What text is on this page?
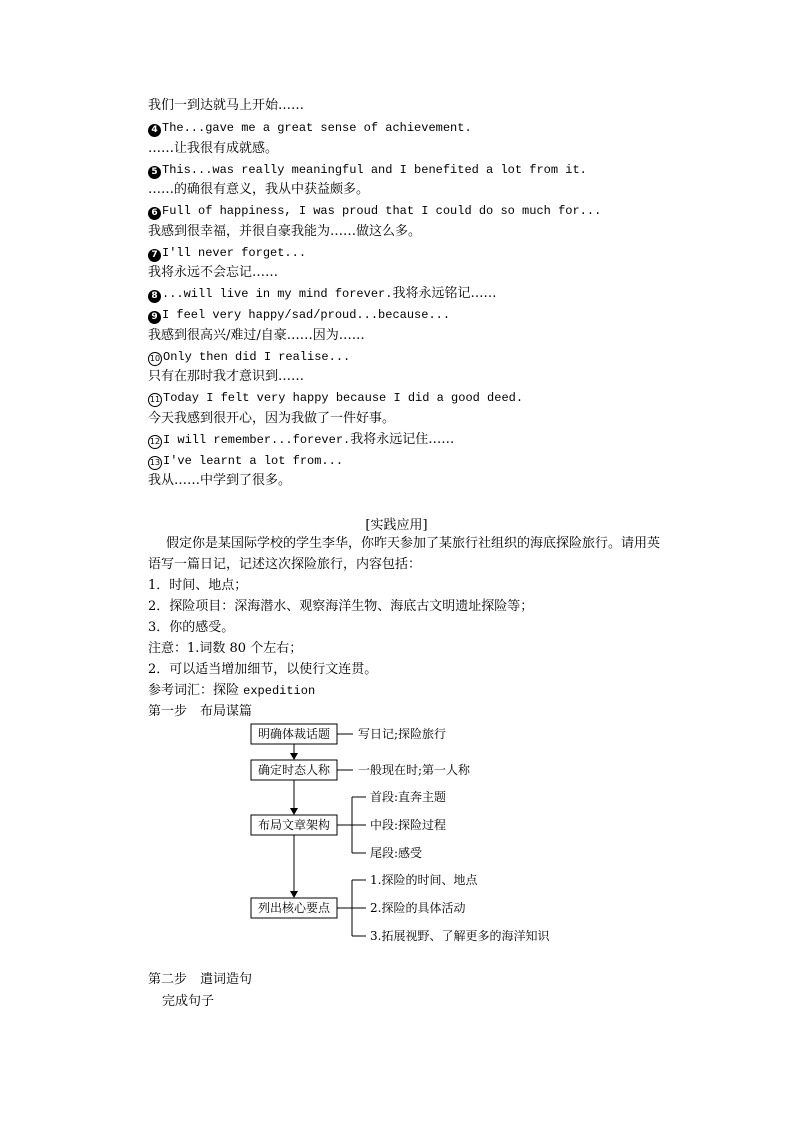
我们一到达就马上开始……
4 The...gave me a great sense of achievement.
……让我很有成就感。
5 This...was really meaningful and I benefited a lot from it.
……的确很有意义，我从中获益颇多。
6 Full of happiness, I was proud that I could do so much for...
我感到很幸福，并很自豪我能为……做这么多。
7 I'll never forget...
我将永远不会忘记……
8 ...will live in my mind forever.我将永远铭记……
9 I feel very happy/sad/proud...because...
我感到很高兴/难过/自豪……因为……
10 Only then did I realise...
只有在那时我才意识到……
11 Today I felt very happy because I did a good deed.
今天我感到很开心，因为我做了一件好事。
12 I will remember...forever.我将永远记住……
13 I've learnt a lot from...
我从……中学到了很多。
[实践应用]
假定你是某国际学校的学生李华，你昨天参加了某旅行社组织的海底探险旅行。请用英
语写一篇日记，记述这次探险旅行，内容包括：
1．时间、地点；
2．探险项目：深海潜水、观察海洋生物、海底古文明遗址探险等；
3．你的感受。
注意：1.词数 80 个左右；
2．可以适当增加细节，以使行文连贯。
参考词汇：探险 expedition
第一步　布局谋篇
明确体裁话题
确定时态人称
布局文章架构
列出核心要点
写日记;探险旅行
一般现在时;第一人称
首段:直奔主题
中段:探险过程
尾段:感受
1.探险的时间、地点
2.探险的具体活动
3.拓展视野、了解更多的海洋知识
第二步　遣词造句
完成句子
